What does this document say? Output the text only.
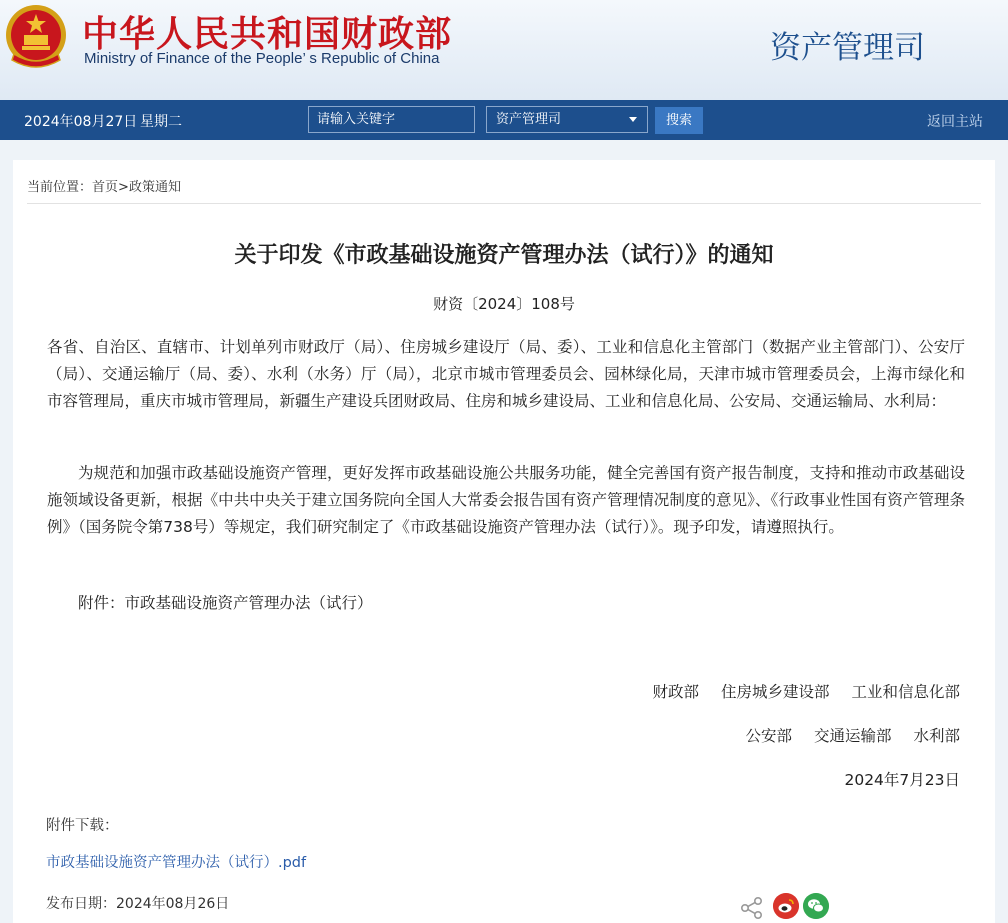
中华人民共和国财政部
Ministry of Finance of the People’ s Republic of China	资产管理司
2024年08月27日 星期二
请输入关键字	资产管理司	搜索	返回主站
当前位置：首页>政策通知
关于印发《市政基础设施资产管理办法（试行）》的通知
财资〔2024〕108号
各省、自治区、直辖市、计划单列市财政厅（局）、住房城乡建设厅（局、委）、工业和信息化主管部门（数据产业主管部门）、公安厅（局）、交通运输厅（局、委）、水利（水务）厅（局），北京市城市管理委员会、园林绿化局，天津市城市管理委员会，上海市绿化和市容管理局，重庆市城市管理局，新疆生产建设兵团财政局、住房和城乡建设局、工业和信息化局、公安局、交通运输局、水利局：
为规范和加强市政基础设施资产管理，更好发挥市政基础设施公共服务功能，健全完善国有资产报告制度，支持和推动市政基础设施领域设备更新，根据《中共中央关于建立国务院向全国人大常委会报告国有资产管理情况制度的意见》、《行政事业性国有资产管理条例》（国务院令第738号）等规定，我们研究制定了《市政基础设施资产管理办法（试行）》。现予印发，请遵照执行。
附件：市政基础设施资产管理办法（试行）
财政部 住房城乡建设部 工业和信息化部
公安部 交通运输部 水利部
2024年7月23日
附件下载：
市政基础设施资产管理办法（试行）.pdf
发布日期：2024年08月26日
